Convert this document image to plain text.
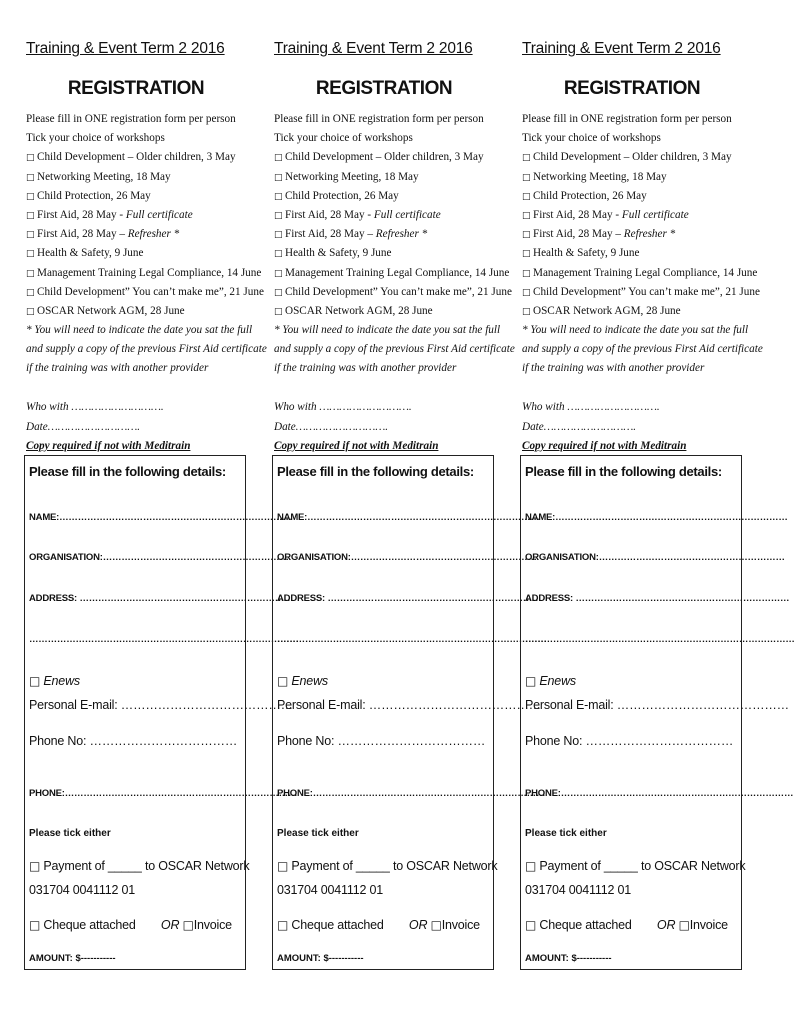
Training & Event Term 2 2016
REGISTRATION
Please fill in ONE registration form per person
Tick your choice of workshops
□ Child Development – Older children, 3 May
□ Networking Meeting, 18 May
□ Child Protection, 26 May
□ First Aid, 28 May - Full certificate
□ First Aid, 28 May – Refresher *
□ Health & Safety, 9 June
□ Management Training Legal Compliance, 14 June
□ Child Development” You can’t make me”, 21 June
□ OSCAR Network AGM, 28 June
* You will need to indicate the date you sat the full
and supply a copy of the previous First Aid certificate
if the training was with another provider
Who with ……………………….
Date……………………….
Copy required if not with Meditrain
Please fill in the following details:
NAME:…………………………………………………………………
ORGANISATION:……………………………………………………
ADDRESS: ……………………………………………………………
……………………………………………………………………………
□ Enews
Personal E-mail: ……………………………………
Phone No: ………………………………
PHONE:…………………………………………………………………
Please tick either
□ Payment of _____ to OSCAR Network
031704 0041112 01
□ Cheque attached OR □Invoice
AMOUNT: $-----------
Training & Event Term 2 2016
REGISTRATION
Please fill in ONE registration form per person
Tick your choice of workshops
□ Child Development – Older children, 3 May
□ Networking Meeting, 18 May
□ Child Protection, 26 May
□ First Aid, 28 May - Full certificate
□ First Aid, 28 May – Refresher *
□ Health & Safety, 9 June
□ Management Training Legal Compliance, 14 June
□ Child Development” You can’t make me”, 21 June
□ OSCAR Network AGM, 28 June
* You will need to indicate the date you sat the full
and supply a copy of the previous First Aid certificate
if the training was with another provider
Who with ……………………….
Date……………………….
Copy required if not with Meditrain
Please fill in the following details:
NAME:…………………………………………………………………
ORGANISATION:……………………………………………………
ADDRESS: ……………………………………………………………
……………………………………………………………………………
□ Enews
Personal E-mail: ……………………………………
Phone No: ………………………………
PHONE:…………………………………………………………………
Please tick either
□ Payment of _____ to OSCAR Network
031704 0041112 01
□ Cheque attached OR □Invoice
AMOUNT: $-----------
Training & Event Term 2 2016
REGISTRATION
Please fill in ONE registration form per person
Tick your choice of workshops
□ Child Development – Older children, 3 May
□ Networking Meeting, 18 May
□ Child Protection, 26 May
□ First Aid, 28 May - Full certificate
□ First Aid, 28 May – Refresher *
□ Health & Safety, 9 June
□ Management Training Legal Compliance, 14 June
□ Child Development” You can’t make me”, 21 June
□ OSCAR Network AGM, 28 June
* You will need to indicate the date you sat the full
and supply a copy of the previous First Aid certificate
if the training was with another provider
Who with ……………………….
Date……………………….
Copy required if not with Meditrain
Please fill in the following details:
NAME:…………………………………………………………………
ORGANISATION:……………………………………………………
ADDRESS: ……………………………………………………………
……………………………………………………………………………
□ Enews
Personal E-mail: ……………………………………
Phone No: ………………………………
PHONE:…………………………………………………………………
Please tick either
□ Payment of _____ to OSCAR Network
031704 0041112 01
□ Cheque attached OR □Invoice
AMOUNT: $-----------
